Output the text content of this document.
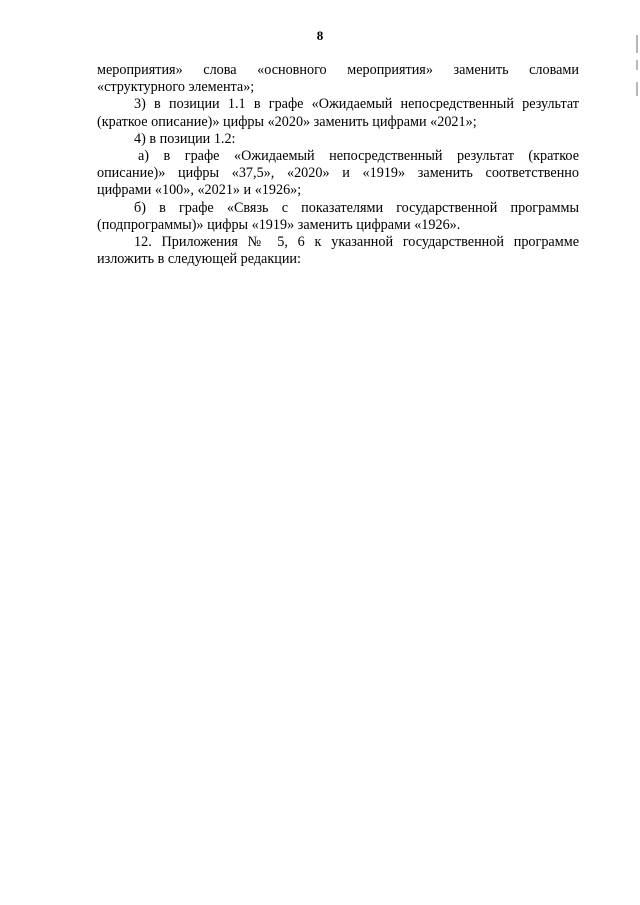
8

мероприятия» слова «основного мероприятия» заменить словами
«структурного элемента»;

3) в позиции 1.1 в графе «Ожидаемый непосредственный результат
(краткое описание)» цифры «2020» заменить цифрами «2021»;

4) в позиции 1.2:

а) в графе «Ожидаемый непосредственный результат (краткое
описание)» цифры «37,5», «2020» и «1919» заменить соответственно
цифрами «100», «2021» и «1926»;

б) в графе «Связь с показателями государственной программы
(подпрограммы)» цифры «1919» заменить цифрами «1926».

12. Приложения № 5, 6 к указанной государственной программе
изложить в следующей редакции:
